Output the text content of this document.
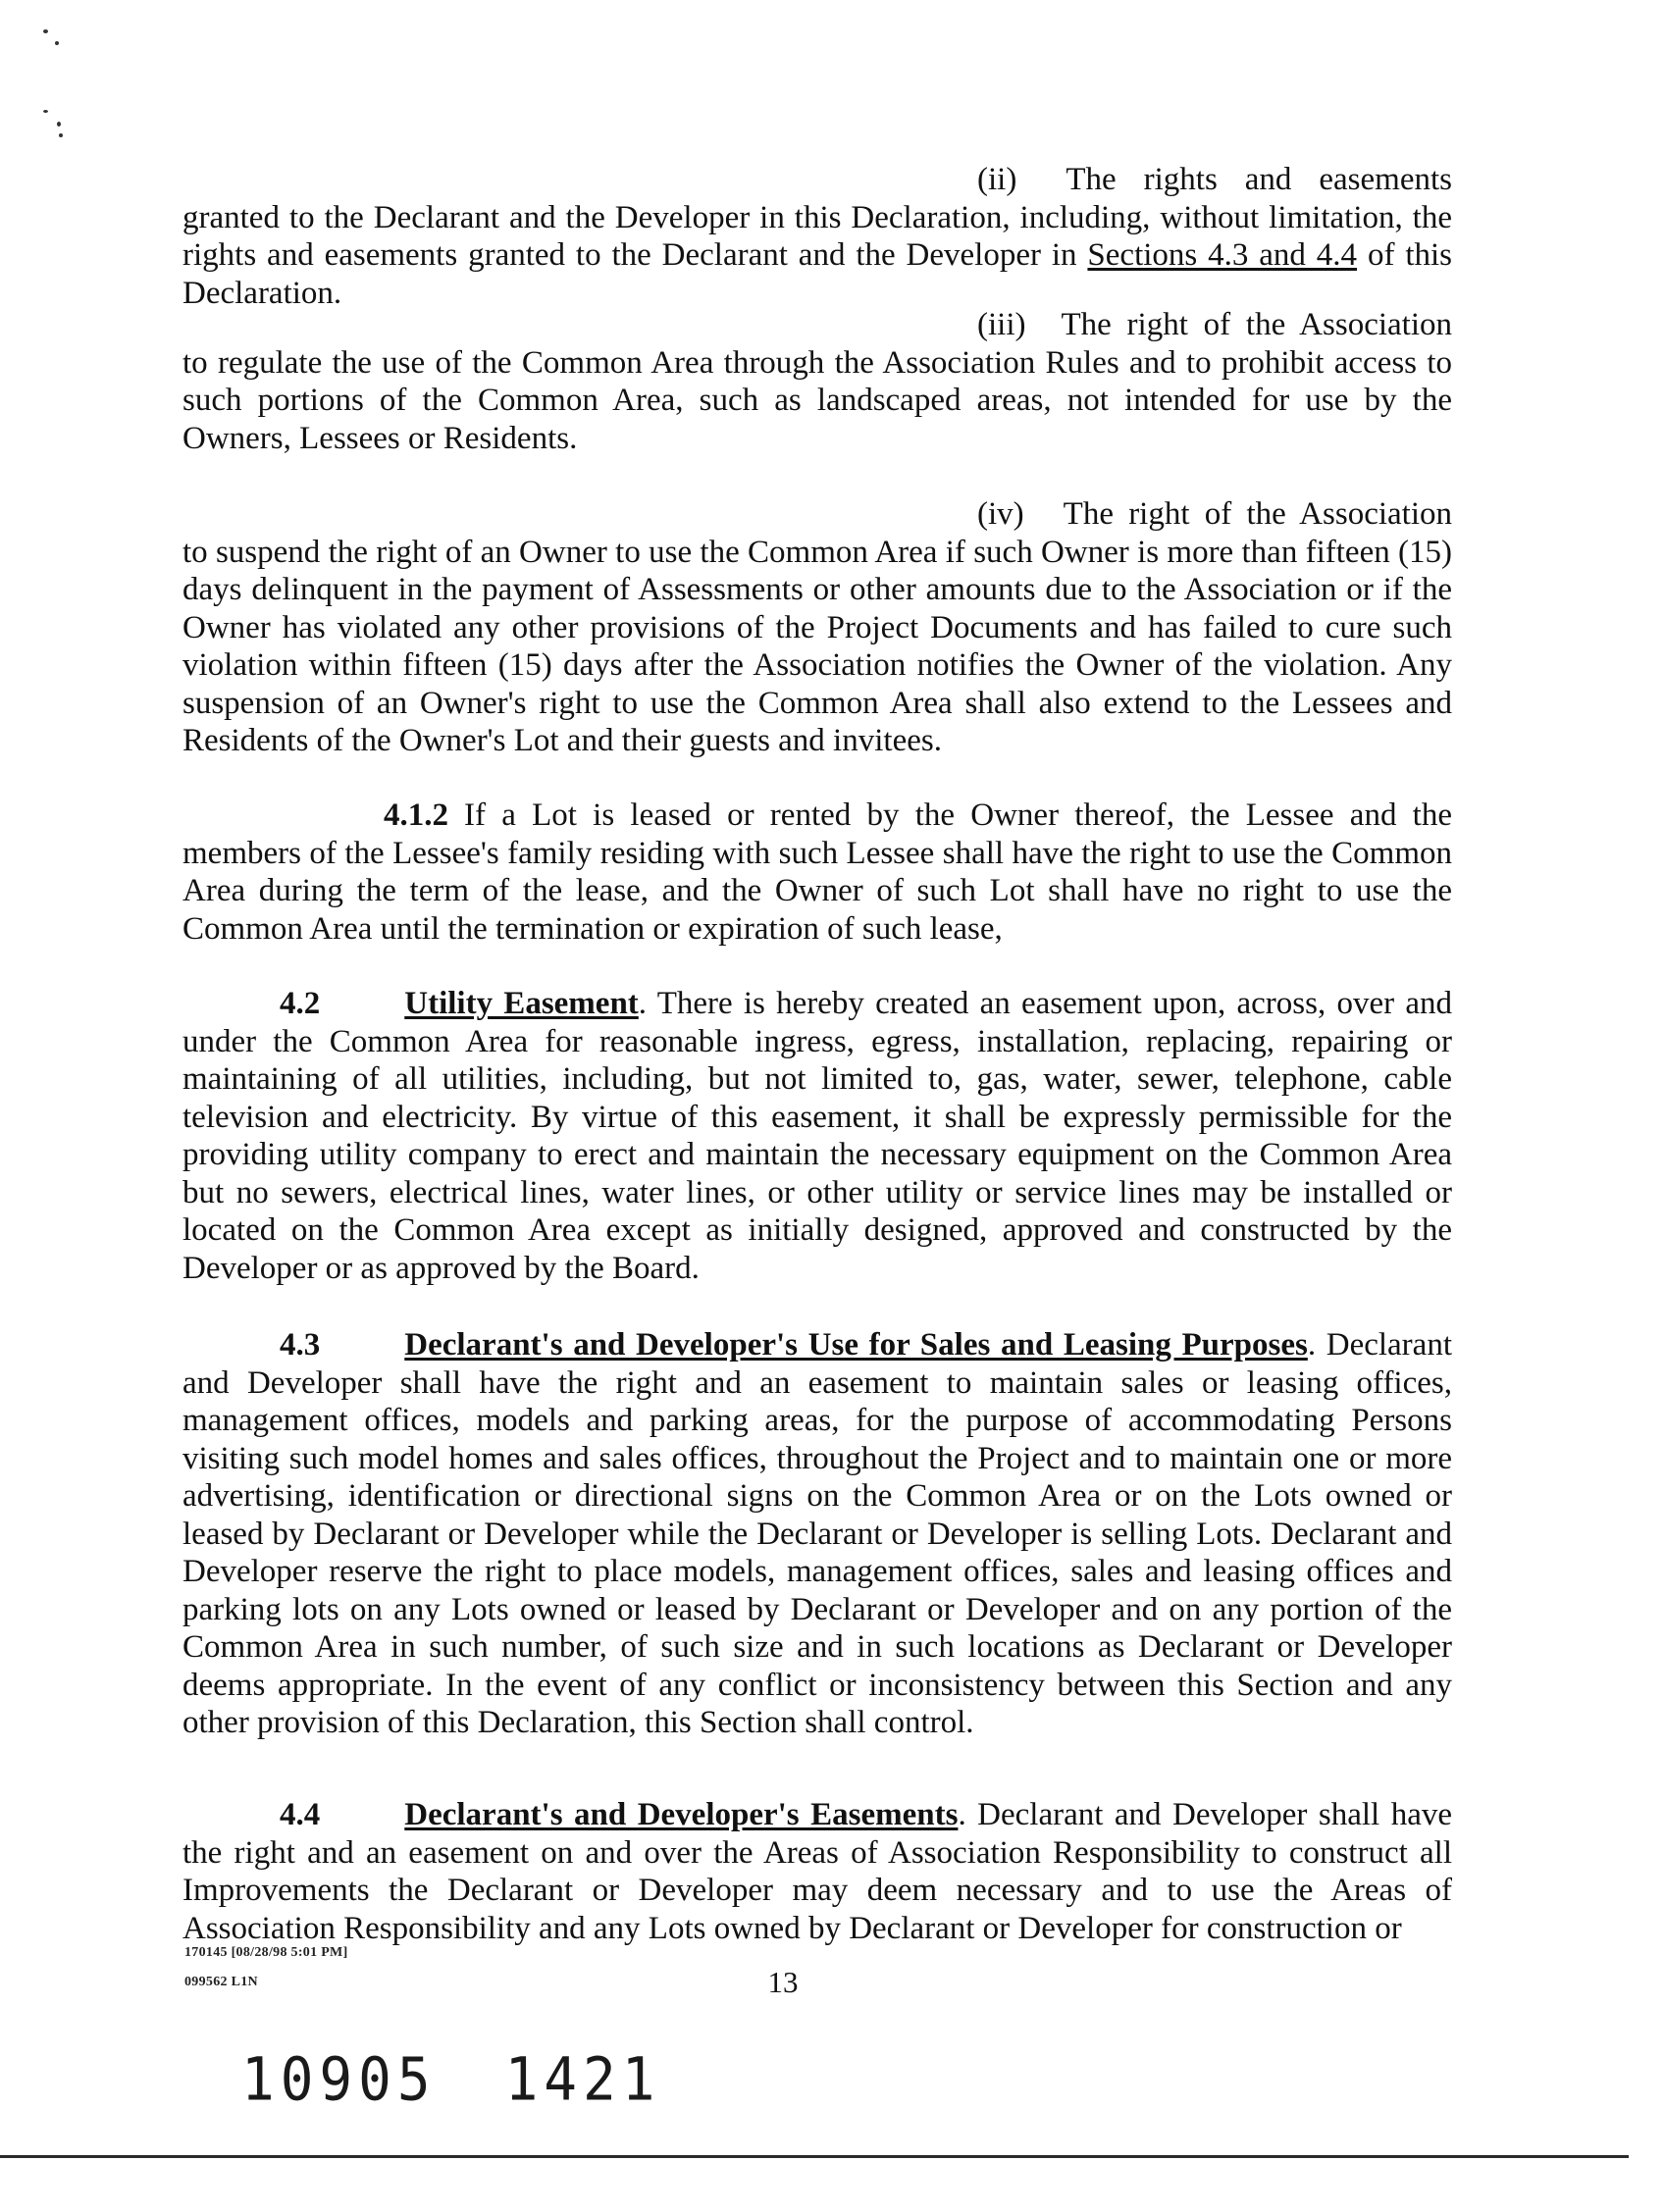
(ii) The rights and easements granted to the Declarant and the Developer in this Declaration, including, without limitation, the rights and easements granted to the Declarant and the Developer in Sections 4.3 and 4.4 of this Declaration.

(iii) The right of the Association to regulate the use of the Common Area through the Association Rules and to prohibit access to such portions of the Common Area, such as landscaped areas, not intended for use by the Owners, Lessees or Residents.

(iv) The right of the Association to suspend the right of an Owner to use the Common Area if such Owner is more than fifteen (15) days delinquent in the payment of Assessments or other amounts due to the Association or if the Owner has violated any other provisions of the Project Documents and has failed to cure such violation within fifteen (15) days after the Association notifies the Owner of the violation. Any suspension of an Owner's right to use the Common Area shall also extend to the Lessees and Residents of the Owner's Lot and their guests and invitees.

4.1.2 If a Lot is leased or rented by the Owner thereof, the Lessee and the members of the Lessee's family residing with such Lessee shall have the right to use the Common Area during the term of the lease, and the Owner of such Lot shall have no right to use the Common Area until the termination or expiration of such lease,

4.2	Utility Easement. There is hereby created an easement upon, across, over and under the Common Area for reasonable ingress, egress, installation, replacing, repairing or maintaining of all utilities, including, but not limited to, gas, water, sewer, telephone, cable television and electricity. By virtue of this easement, it shall be expressly permissible for the providing utility company to erect and maintain the necessary equipment on the Common Area but no sewers, electrical lines, water lines, or other utility or service lines may be installed or located on the Common Area except as initially designed, approved and constructed by the Developer or as approved by the Board.

4.3	Declarant's and Developer's Use for Sales and Leasing Purposes. Declarant and Developer shall have the right and an easement to maintain sales or leasing offices, management offices, models and parking areas, for the purpose of accommodating Persons visiting such model homes and sales offices, throughout the Project and to maintain one or more advertising, identification or directional signs on the Common Area or on the Lots owned or leased by Declarant or Developer while the Declarant or Developer is selling Lots. Declarant and Developer reserve the right to place models, management offices, sales and leasing offices and parking lots on any Lots owned or leased by Declarant or Developer and on any portion of the Common Area in such number, of such size and in such locations as Declarant or Developer deems appropriate. In the event of any conflict or inconsistency between this Section and any other provision of this Declaration, this Section shall control.

4.4	Declarant's and Developer's Easements. Declarant and Developer shall have the right and an easement on and over the Areas of Association Responsibility to construct all Improvements the Declarant or Developer may deem necessary and to use the Areas of Association Responsibility and any Lots owned by Declarant or Developer for construction or

170145 [08/28/98 5:01 PM]
099562 L1N	13
10905 1421
